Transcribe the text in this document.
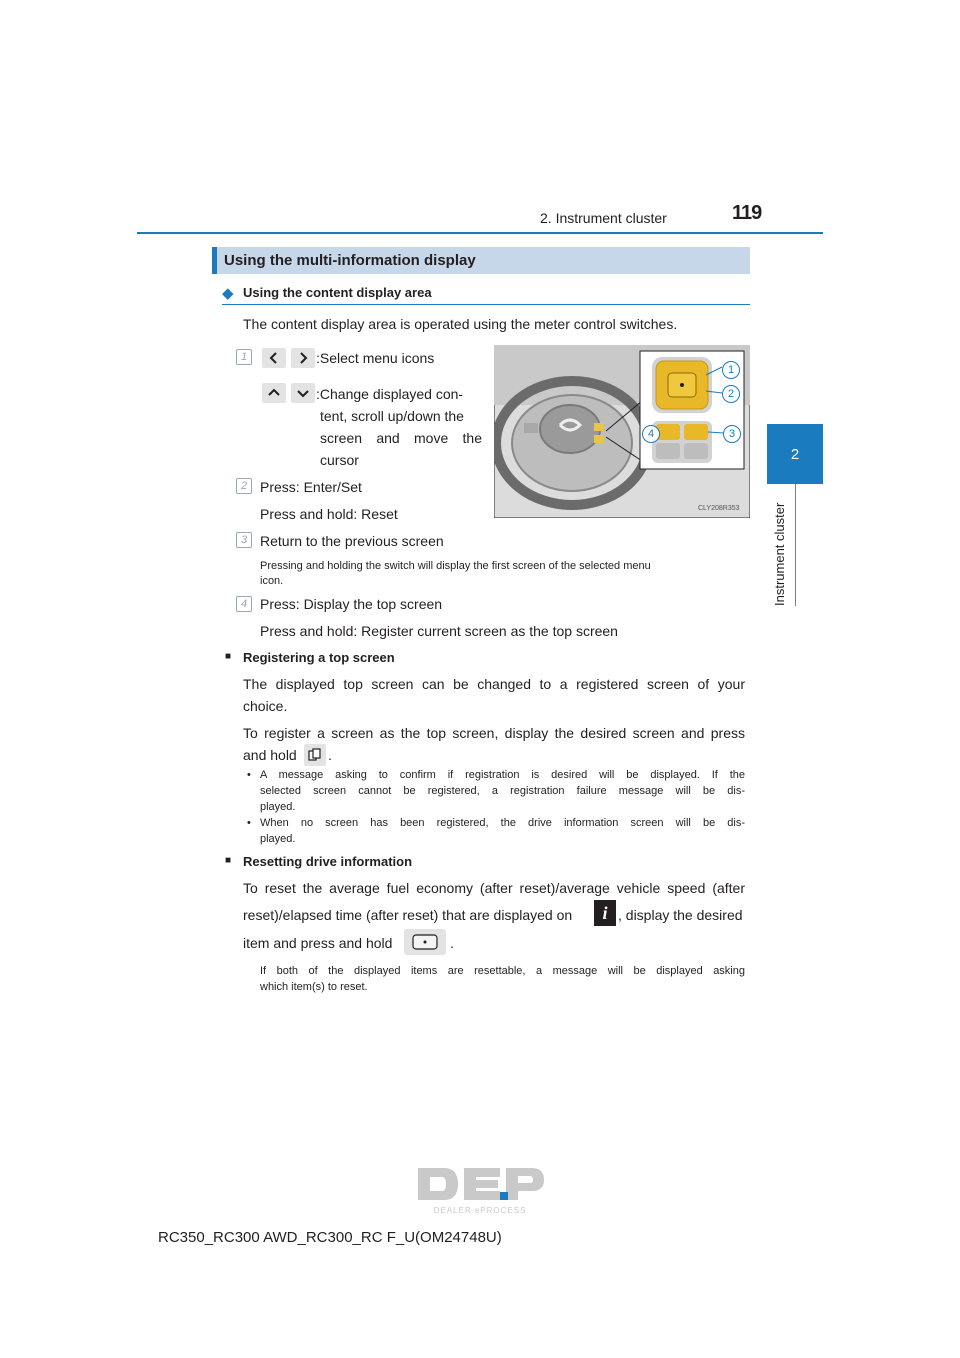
2. Instrument cluster	119
2
Instrument cluster
Using the multi-information display
◆ Using the content display area
The content display area is operated using the meter control switches.
1	:Select menu icons
:Change displayed con-
tent, scroll up/down the
screen and move the
cursor
1
2
3
4
CLY208R353
2 Press: Enter/Set
Press and hold: Reset
3 Return to the previous screen
Pressing and holding the switch will display the first screen of the selected menu
icon.
4 Press: Display the top screen
Press and hold: Register current screen as the top screen
■ Registering a top screen
The displayed top screen can be changed to a registered screen of your
choice.
To register a screen as the top screen, display the desired screen and press
and hold .
• A message asking to confirm if registration is desired will be displayed. If the
selected screen cannot be registered, a registration failure message will be dis-
played.
• When no screen has been registered, the drive information screen will be dis-
played.
■ Resetting drive information
To reset the average fuel economy (after reset)/average vehicle speed (after
reset)/elapsed time (after reset) that are displayed on i , display the desired
item and press and hold	.
If both of the displayed items are resettable, a message will be displayed asking
which item(s) to reset.
DEALER ePROCESS
RC350_RC300 AWD_RC300_RC F_U(OM24748U)
